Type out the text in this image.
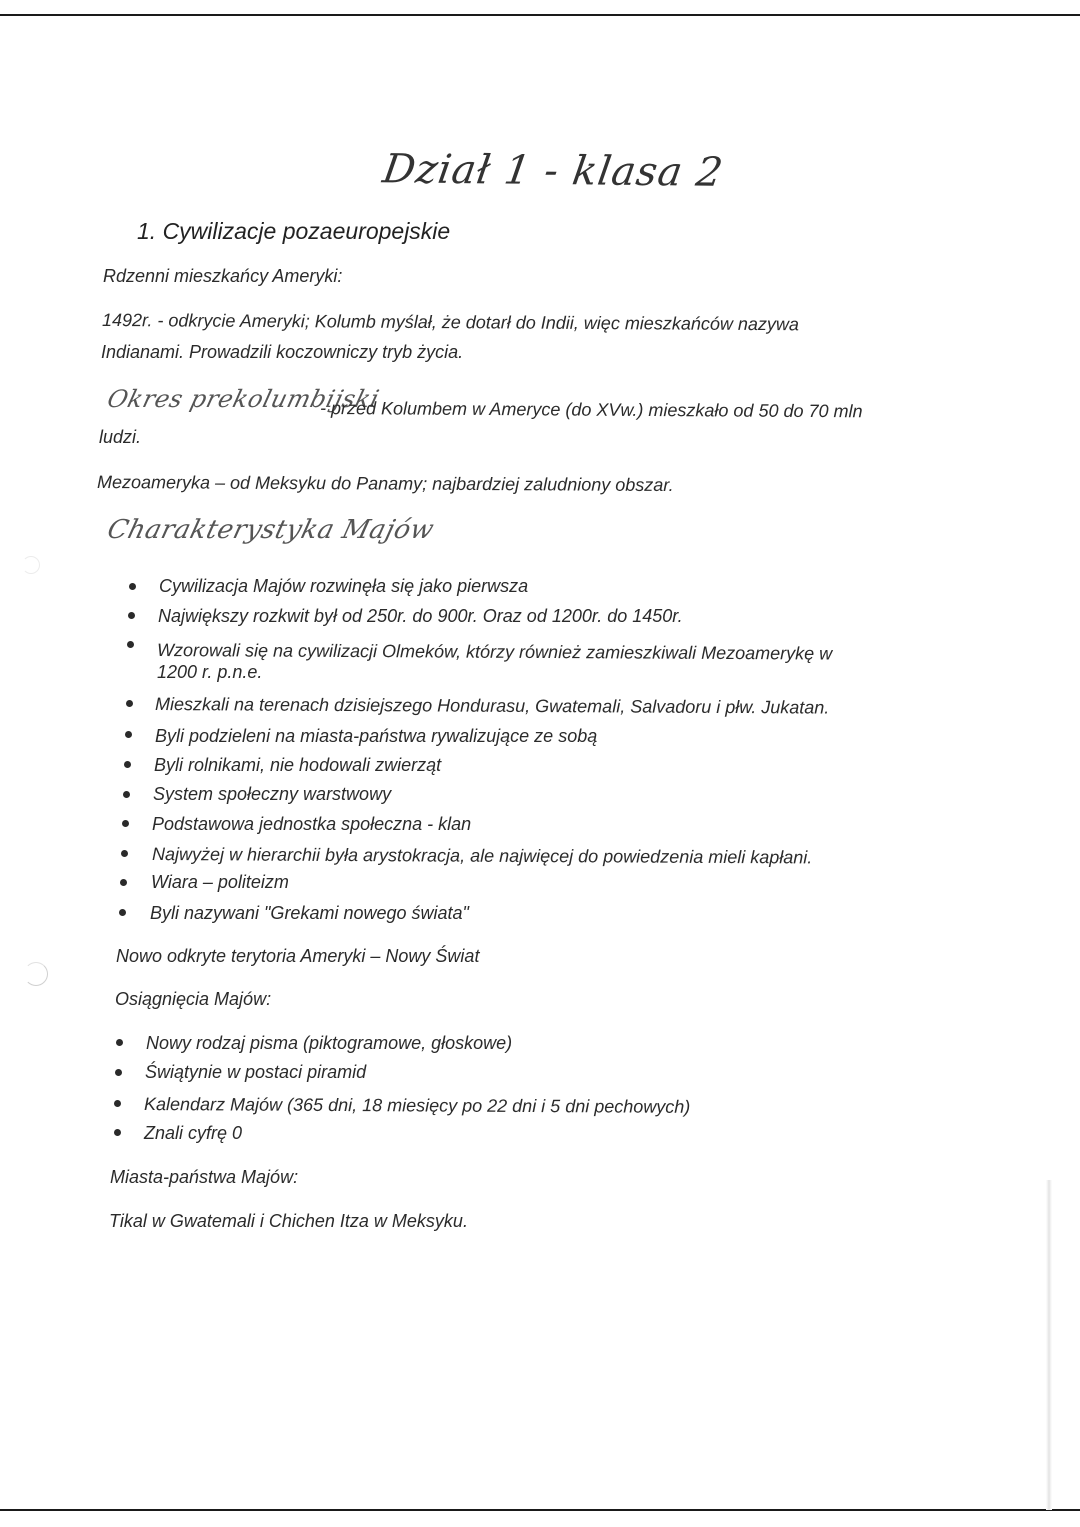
Dział 1 - klasa 2
1. Cywilizacje pozaeuropejskie
Rdzenni mieszkańcy Ameryki:
1492r. - odkrycie Ameryki; Kolumb myślał, że dotarł do Indii, więc mieszkańców nazywa
Indianami. Prowadzili koczowniczy tryb życia.
Okres prekolumbijski
- przed Kolumbem w Ameryce (do XVw.) mieszkało od 50 do 70 mln
ludzi.
Mezoameryka – od Meksyku do Panamy; najbardziej zaludniony obszar.
Charakterystyka Majów
Cywilizacja Majów rozwinęła się jako pierwsza
Największy rozkwit był od 250r. do 900r. Oraz od 1200r. do 1450r.
Wzorowali się na cywilizacji Olmeków, którzy również zamieszkiwali Mezoamerykę w
1200 r. p.n.e.
Mieszkali na terenach dzisiejszego Hondurasu, Gwatemali, Salvadoru i płw. Jukatan.
Byli podzieleni na miasta-państwa rywalizujące ze sobą
Byli rolnikami, nie hodowali zwierząt
System społeczny warstwowy
Podstawowa jednostka społeczna - klan
Najwyżej w hierarchii była arystokracja, ale najwięcej do powiedzenia mieli kapłani.
Wiara – politeizm
Byli nazywani "Grekami nowego świata"
Nowo odkryte terytoria Ameryki – Nowy Świat
Osiągnięcia Majów:
Nowy rodzaj pisma (piktogramowe, głoskowe)
Świątynie w postaci piramid
Kalendarz Majów (365 dni, 18 miesięcy po 22 dni i 5 dni pechowych)
Znali cyfrę 0
Miasta-państwa Majów:
Tikal w Gwatemali i Chichen Itza w Meksyku.
